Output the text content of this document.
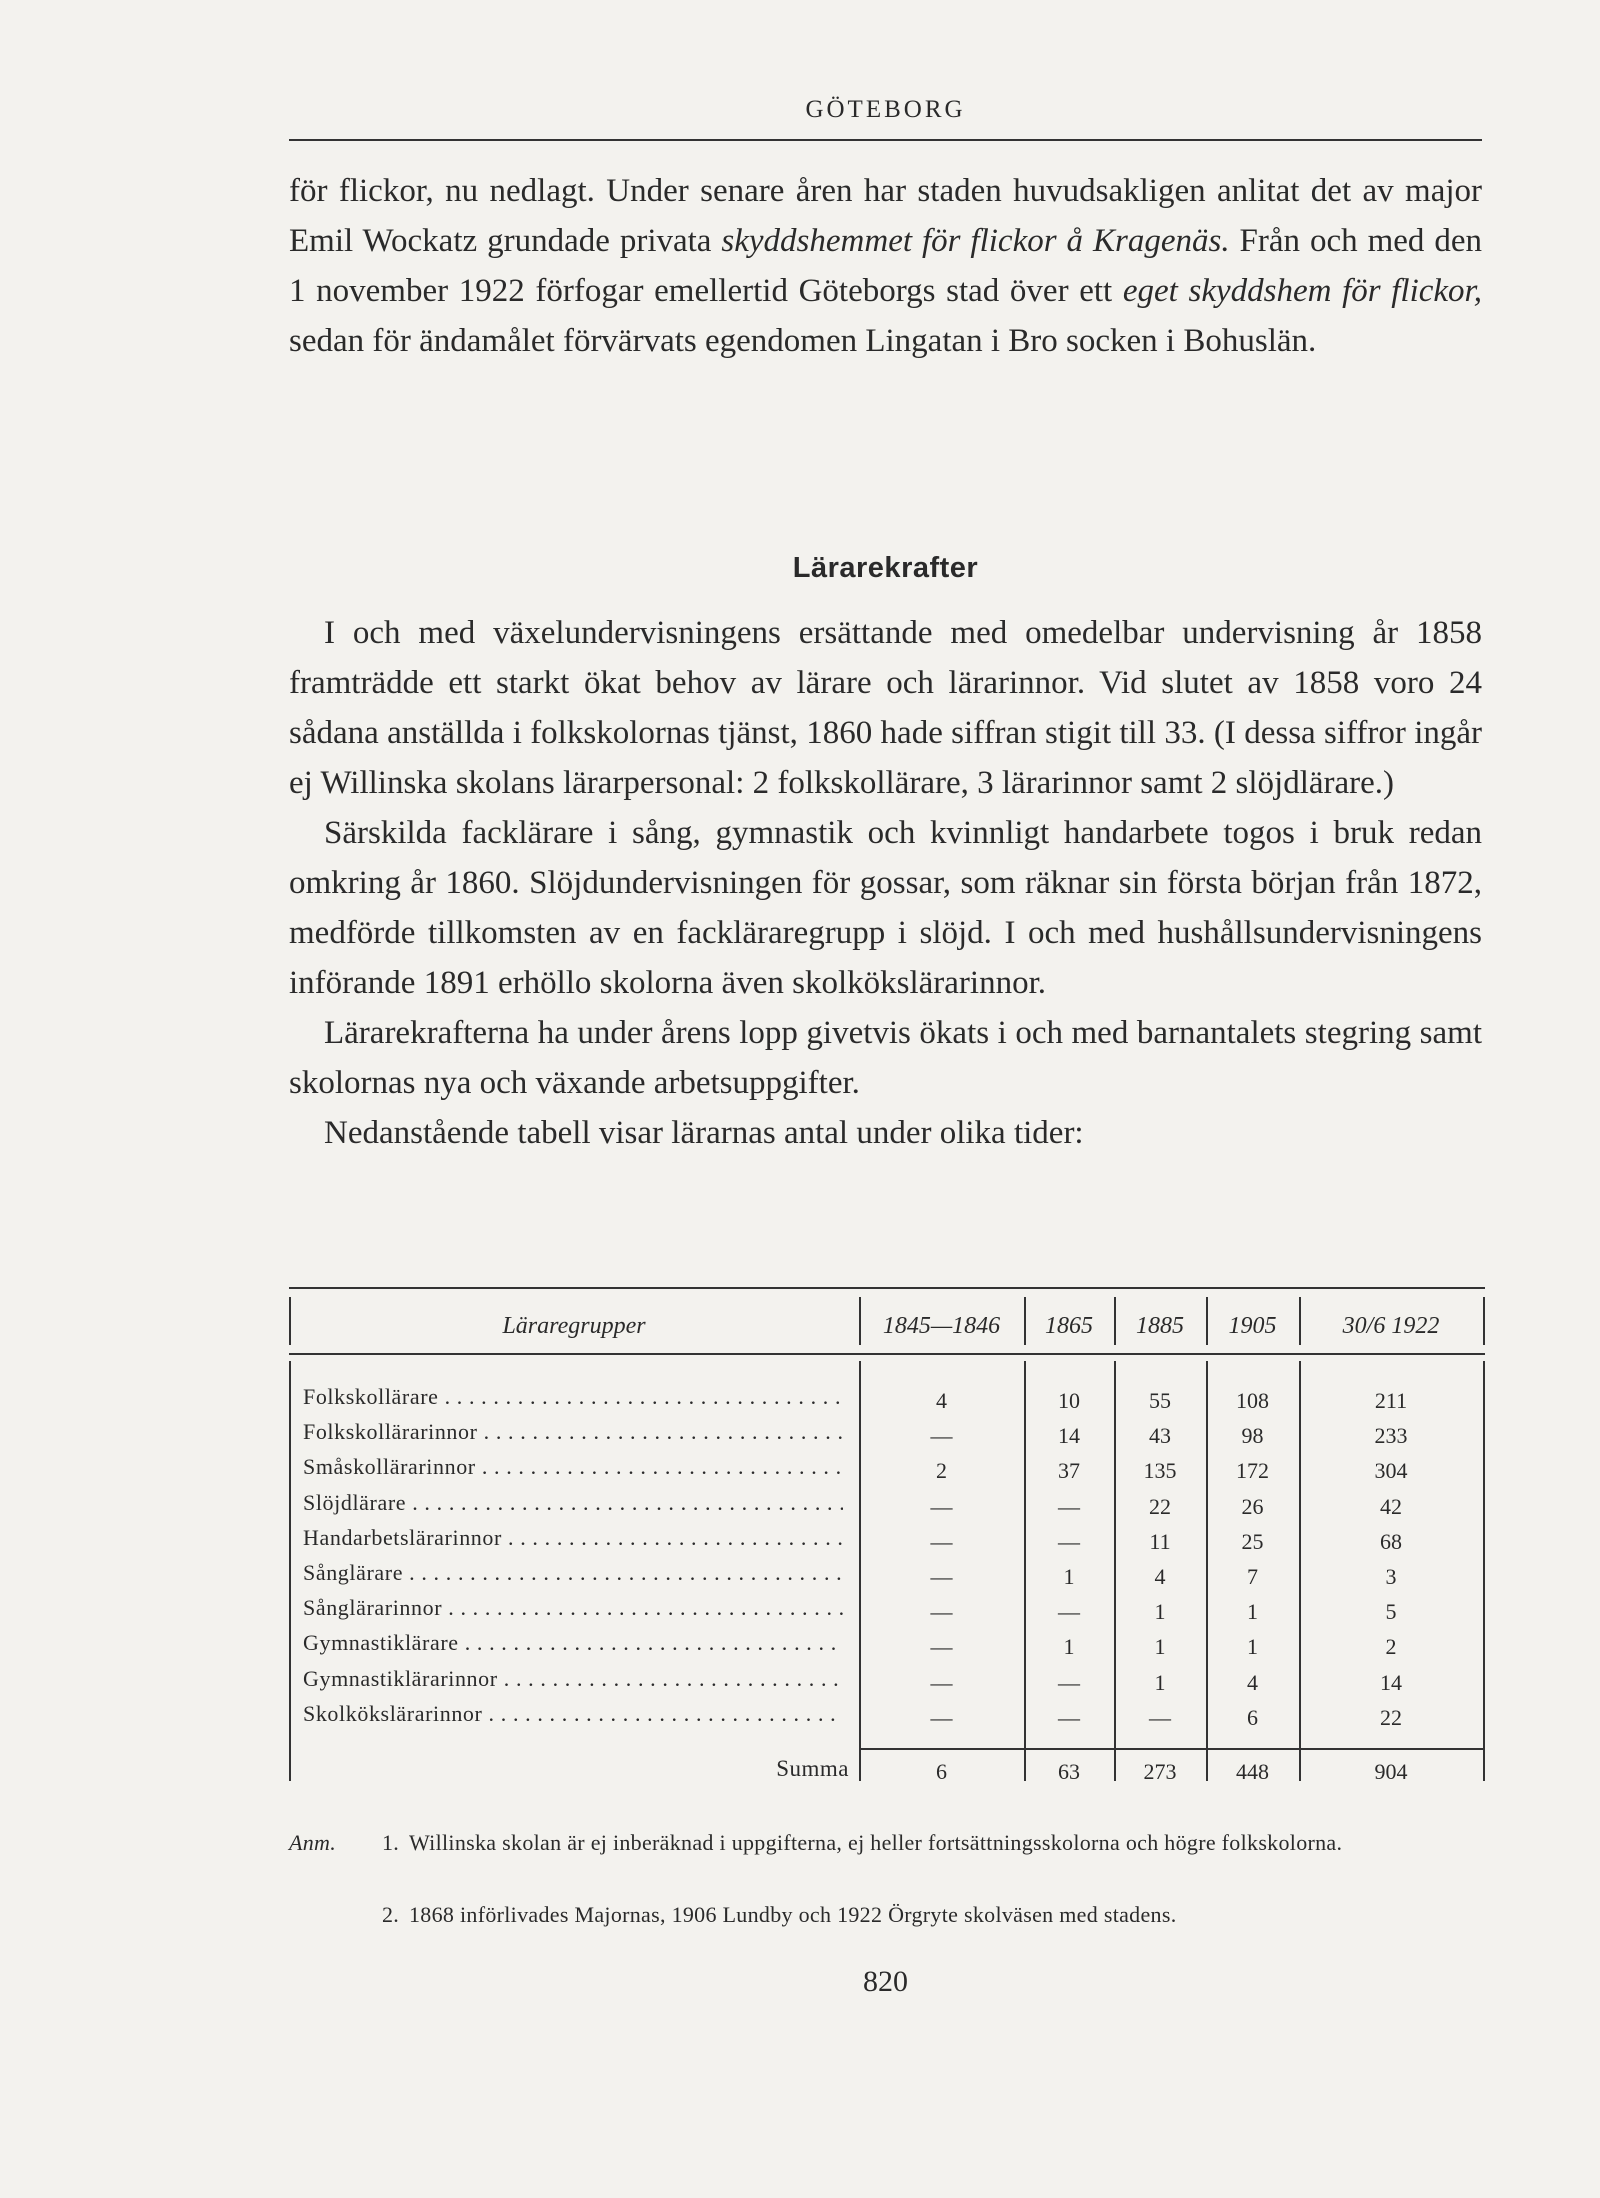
GÖTEBORG

för flickor, nu nedlagt. Under senare åren har staden huvudsakligen anlitat det av major Emil Wockatz grundade privata skyddshemmet för flickor å Kragenäs. Från och med den 1 november 1922 förfogar emellertid Göteborgs stad över ett eget skyddshem för flickor, sedan för ändamålet förvärvats egendomen Lingatan i Bro socken i Bohuslän.

Lärarekrafter

I och med växelundervisningens ersättande med omedelbar undervisning år 1858 framträdde ett starkt ökat behov av lärare och lärarinnor. Vid slutet av 1858 voro 24 sådana anställda i folkskolornas tjänst, 1860 hade siffran stigit till 33. (I dessa siffror ingår ej Willinska skolans lärarpersonal: 2 folkskollärare, 3 lärarinnor samt 2 slöjdlärare.)

Särskilda facklärare i sång, gymnastik och kvinnligt handarbete togos i bruk redan omkring år 1860. Slöjdundervisningen för gossar, som räknar sin första början från 1872, medförde tillkomsten av en fackläraregrupp i slöjd. I och med hushållsundervisningens införande 1891 erhöllo skolorna även skolkökslärarinnor.

Lärarekrafterna ha under årens lopp givetvis ökats i och med barnantalets stegring samt skolornas nya och växande arbetsuppgifter.

Nedanstående tabell visar lärarnas antal under olika tider:

Läraregrupper	1845—1846	1865	1885	1905	30/6 1922
Folkskollärare . . .	4	10	55	108	211
Folkskollärarinnor . . .	—	14	43	98	233
Småskollärarinnor . . .	2	37	135	172	304
Slöjdlärare . . .	—	—	22	26	42
Handarbetslärarinnor . . .	—	—	11	25	68
Sånglärare . . .	—	1	4	7	3
Sånglärarinnor . . .	—	—	1	1	5
Gymnastiklärare . . .	—	1	1	1	2
Gymnastiklärarinnor . . .	—	—	1	4	14
Skolkökslärarinnor . . .	—	—	—	6	22
Summa	6	63	273	448	904
Anm. 1. Willinska skolan är ej inberäknad i uppgifterna, ej heller fortsättningsskolorna och högre folkskolorna.
2. 1868 införlivades Majornas, 1906 Lundby och 1922 Örgryte skolväsen med stadens.
820
